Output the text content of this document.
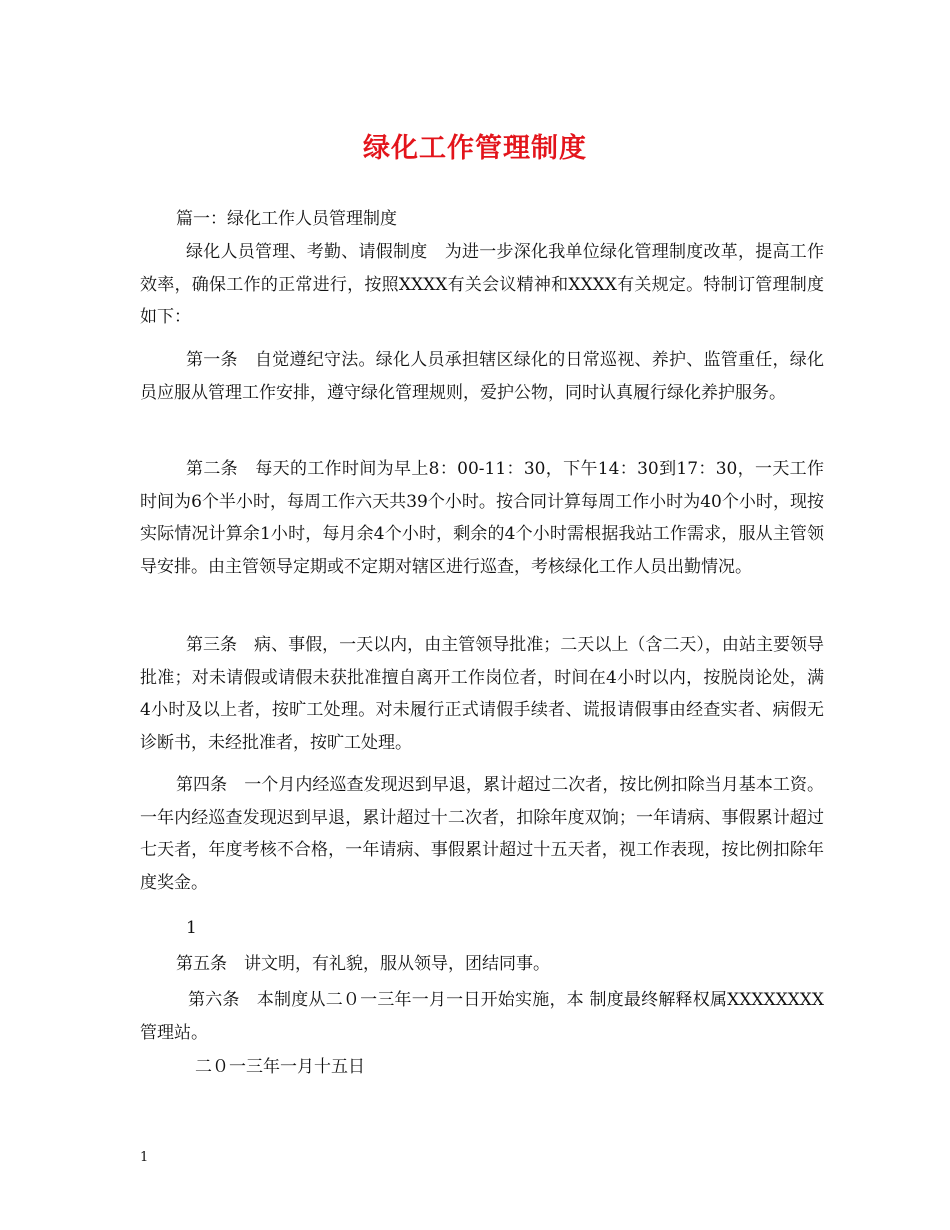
绿化工作管理制度

篇一：绿化工作人员管理制度

绿化人员管理、考勤、请假制度　为进一步深化我单位绿化管理制度改革，提高工作效率，确保工作的正常进行，按照XXXX有关会议精神和XXXX有关规定。特制订管理制度如下：

第一条　自觉遵纪守法。绿化人员承担辖区绿化的日常巡视、养护、监管重任，绿化员应服从管理工作安排，遵守绿化管理规则，爱护公物，同时认真履行绿化养护服务。

第二条　每天的工作时间为早上8：00-11：30，下午14：30到17：30，一天工作时间为6个半小时，每周工作六天共39个小时。按合同计算每周工作小时为40个小时，现按实际情况计算余1小时，每月余4个小时，剩余的4个小时需根据我站工作需求，服从主管领导安排。由主管领导定期或不定期对辖区进行巡查，考核绿化工作人员出勤情况。

第三条　病、事假，一天以内，由主管领导批准；二天以上（含二天），由站主要领导批准；对未请假或请假未获批准擅自离开工作岗位者，时间在4小时以内，按脱岗论处，满4小时及以上者，按旷工处理。对未履行正式请假手续者、谎报请假事由经查实者、病假无诊断书，未经批准者，按旷工处理。

第四条　一个月内经巡查发现迟到早退，累计超过二次者，按比例扣除当月基本工资。一年内经巡查发现迟到早退，累计超过十二次者，扣除年度双饷；一年请病、事假累计超过七天者，年度考核不合格，一年请病、事假累计超过十五天者，视工作表现，按比例扣除年度奖金。

1

第五条　讲文明，有礼貌，服从领导，团结同事。

第六条　本制度从二０一三年一月一日开始实施，本 制度最终解释权属XXXXXXXX管理站。

二０一三年一月十五日

1
